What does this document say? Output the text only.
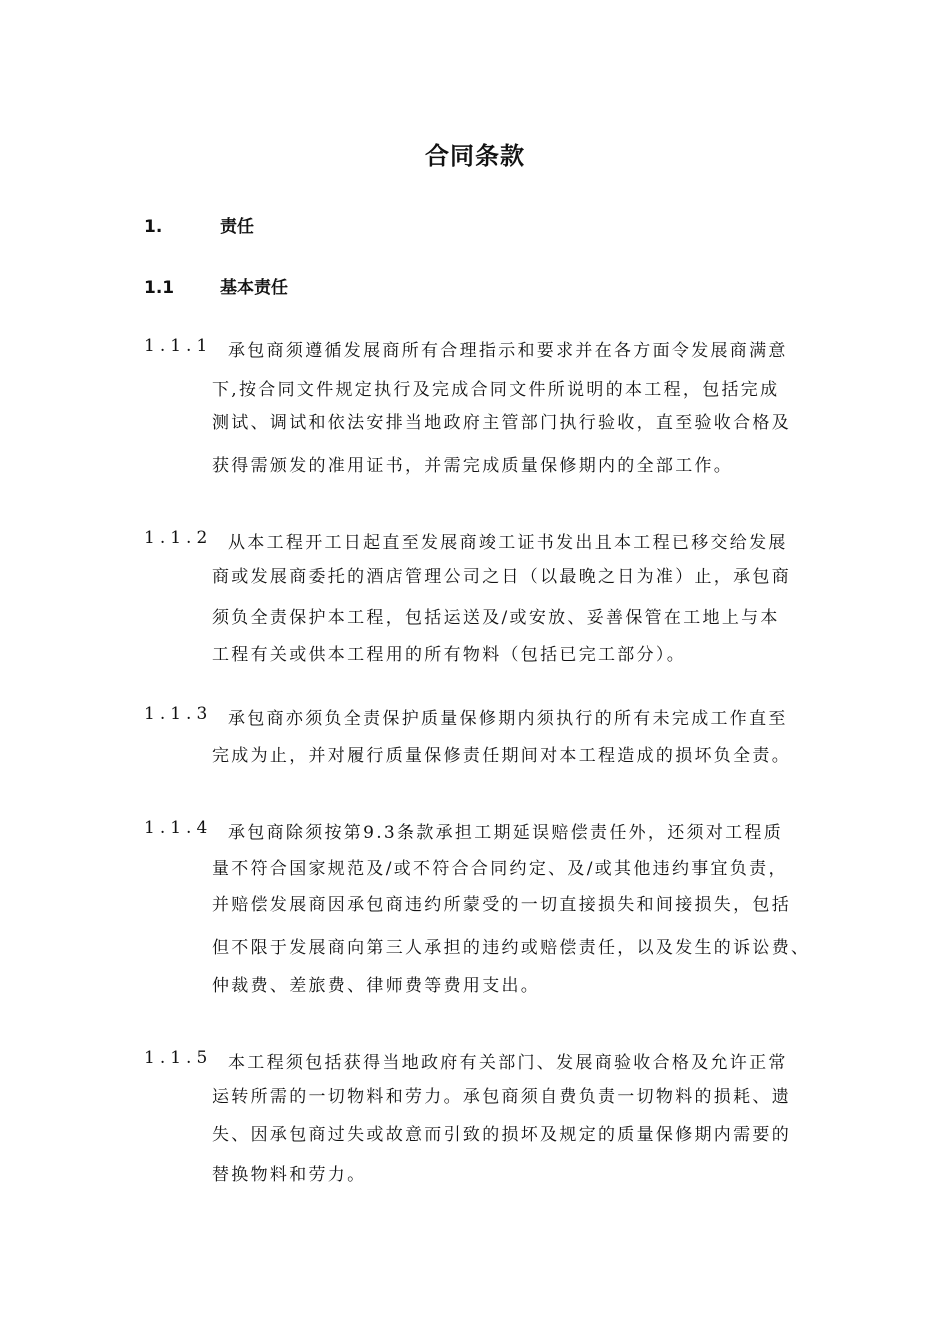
合同条款
1.	责任
1.1	基本责任
1.1.1 承包商须遵循发展商所有合理指示和要求并在各方面令发展商满意
下,按合同文件规定执行及完成合同文件所说明的本工程，包括完成
测试、调试和依法安排当地政府主管部门执行验收，直至验收合格及
获得需颁发的准用证书，并需完成质量保修期内的全部工作。
1.1.2 从本工程开工日起直至发展商竣工证书发出且本工程已移交给发展
商或发展商委托的酒店管理公司之日（以最晚之日为准）止，承包商
须负全责保护本工程，包括运送及/或安放、妥善保管在工地上与本
工程有关或供本工程用的所有物料（包括已完工部分）。
1.1.3 承包商亦须负全责保护质量保修期内须执行的所有未完成工作直至
完成为止，并对履行质量保修责任期间对本工程造成的损坏负全责。
1.1.4 承包商除须按第9.3条款承担工期延误赔偿责任外，还须对工程质
量不符合国家规范及/或不符合合同约定、及/或其他违约事宜负责，
并赔偿发展商因承包商违约所蒙受的一切直接损失和间接损失，包括
但不限于发展商向第三人承担的违约或赔偿责任，以及发生的诉讼费、
仲裁费、差旅费、律师费等费用支出。
1.1.5 本工程须包括获得当地政府有关部门、发展商验收合格及允许正常
运转所需的一切物料和劳力。承包商须自费负责一切物料的损耗、遗
失、因承包商过失或故意而引致的损坏及规定的质量保修期内需要的
替换物料和劳力。
